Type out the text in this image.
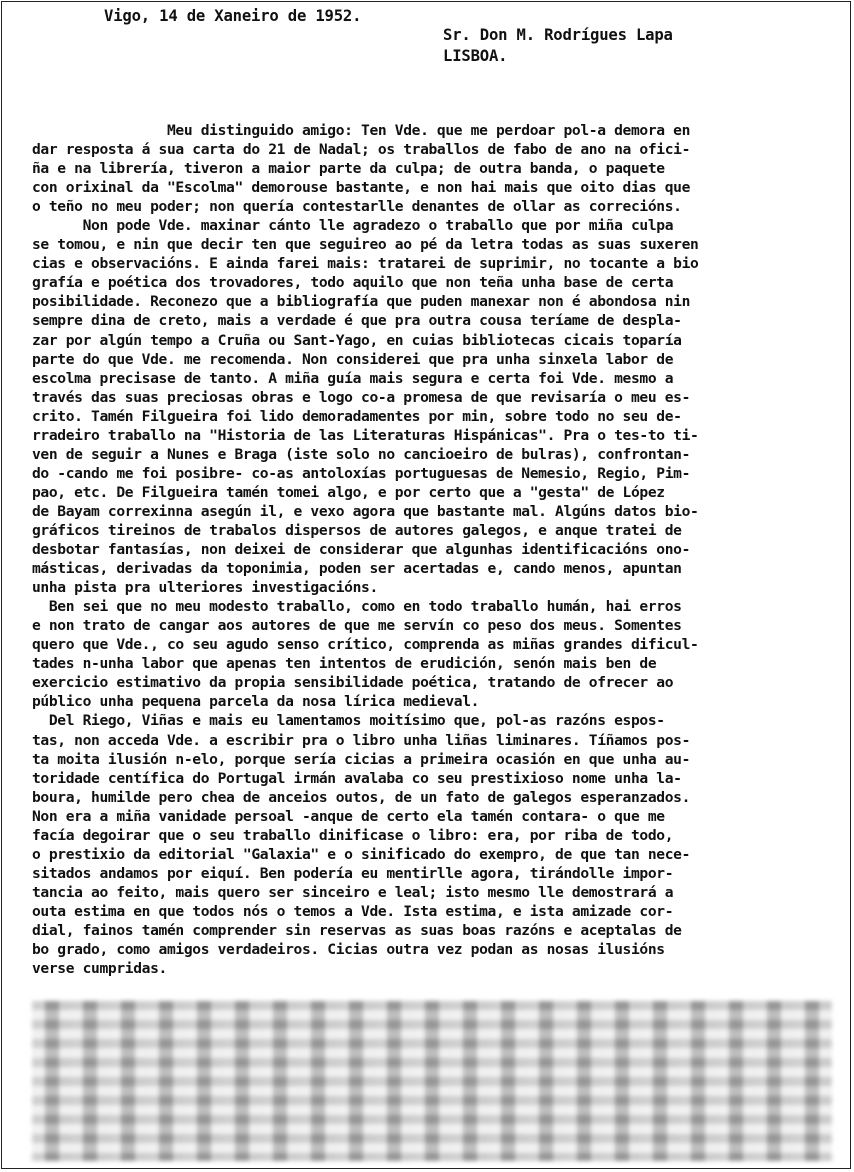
Vigo, 14 de Xaneiro de 1952.
Sr. Don M. Rodrígues Lapa
LISBOA.
Meu distinguido amigo: Ten Vde. que me perdoar pol-a demora en
dar resposta á sua carta do 21 de Nadal; os traballos de fabo de ano na ofici-
ña e na librería, tiveron a maior parte da culpa; de outra banda, o paquete
con orixinal da "Escolma" demorouse bastante, e non hai mais que oito dias que
o teño no meu poder; non quería contestarlle denantes de ollar as correcións.
Non pode Vde. maxinar cánto lle agradezo o traballo que por miña culpa
se tomou, e nin que decir ten que seguireo ao pé da letra todas as suas suxeren
cias e observacións. E ainda farei mais: tratarei de suprimir, no tocante a bio
grafía e poética dos trovadores, todo aquilo que non teña unha base de certa
posibilidade. Reconezo que a bibliografía que puden manexar non é abondosa nin
sempre dina de creto, mais a verdade é que pra outra cousa teríame de despla-
zar por algún tempo a Cruña ou Sant-Yago, en cuias bibliotecas cicais toparía
parte do que Vde. me recomenda. Non considerei que pra unha sinxela labor de
escolma precisase de tanto. A miña guía mais segura e certa foi Vde. mesmo a
través das suas preciosas obras e logo co-a promesa de que revisaría o meu es-
crito. Tamén Filgueira foi lido demoradamentes por min, sobre todo no seu de-
rradeiro traballo na "Historia de las Literaturas Hispánicas". Pra o tes-to ti-
ven de seguir a Nunes e Braga (iste solo no cancioeiro de bulras), confrontan-
do -cando me foi posibre- co-as antoloxías portuguesas de Nemesio, Regio, Pim-
pao, etc. De Filgueira tamén tomei algo, e por certo que a "gesta" de López
de Bayam correxinna asegún il, e vexo agora que bastante mal. Algúns datos bio-
gráficos tireinos de trabalos dispersos de autores galegos, e anque tratei de
desbotar fantasías, non deixei de considerar que algunhas identificacións ono-
másticas, derivadas da toponimia, poden ser acertadas e, cando menos, apuntan
unha pista pra ulteriores investigacións.
Ben sei que no meu modesto traballo, como en todo traballo humán, hai erros
e non trato de cangar aos autores de que me servín co peso dos meus. Somentes
quero que Vde., co seu agudo senso crítico, comprenda as miñas grandes dificul-
tades n-unha labor que apenas ten intentos de erudición, senón mais ben de
exercicio estimativo da propia sensibilidade poética, tratando de ofrecer ao
público unha pequena parcela da nosa lírica medieval.
Del Riego, Viñas e mais eu lamentamos moitísimo que, pol-as razóns espos-
tas, non acceda Vde. a escribir pra o libro unha liñas liminares. Tíñamos pos-
ta moita ilusión n-elo, porque sería cicias a primeira ocasión en que unha au-
toridade centífica do Portugal irmán avalaba co seu prestixioso nome unha la-
boura, humilde pero chea de anceios outos, de un fato de galegos esperanzados.
Non era a miña vanidade persoal -anque de certo ela tamén contara- o que me
facía degoirar que o seu traballo dinificase o libro: era, por riba de todo,
o prestixio da editorial "Galaxia" e o sinificado do exempro, de que tan nece-
sitados andamos por eiquí. Ben podería eu mentirlle agora, tirándolle impor-
tancia ao feito, mais quero ser sinceiro e leal; isto mesmo lle demostrará a
outa estima en que todos nós o temos a Vde. Ista estima, e ista amizade cor-
dial, fainos tamén comprender sin reservas as suas boas razóns e aceptalas de
bo grado, como amigos verdadeiros. Cicias outra vez podan as nosas ilusións
verse cumpridas.
